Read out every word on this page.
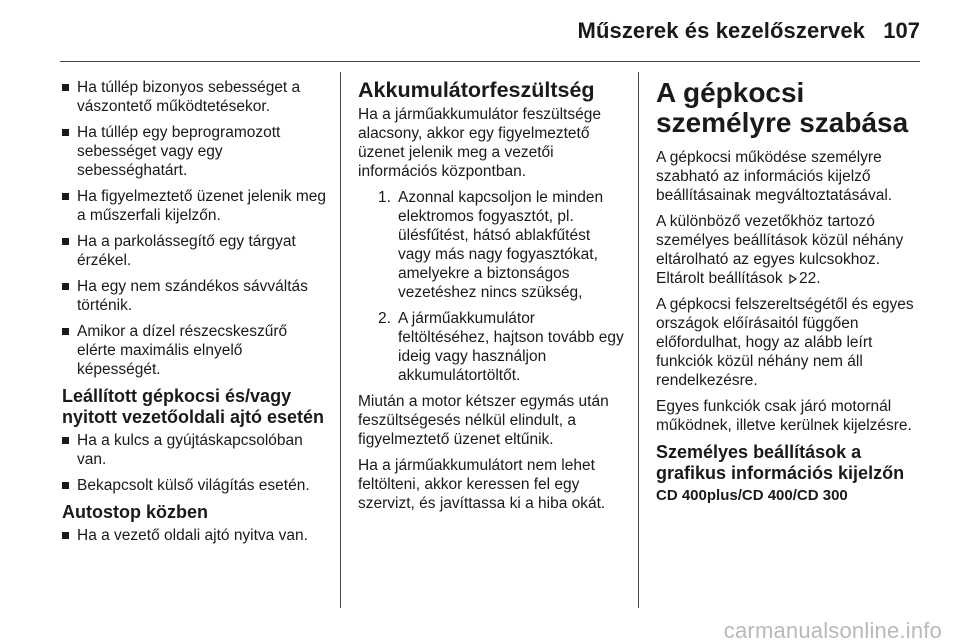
Műszerek és kezelőszervek 107
Ha túllép bizonyos sebességet a vászontető működtetésekor.
Ha túllép egy beprogramozott sebességet vagy egy sebességhatárt.
Ha figyelmeztető üzenet jelenik meg a műszerfali kijelzőn.
Ha a parkolássegítő egy tárgyat érzékel.
Ha egy nem szándékos sávváltás történik.
Amikor a dízel részecskeszűrő elérte maximális elnyelő képességét.
Leállított gépkocsi és/vagy nyitott vezetőoldali ajtó esetén
Ha a kulcs a gyújtáskapcsolóban van.
Bekapcsolt külső világítás esetén.
Autostop közben
Ha a vezető oldali ajtó nyitva van.
Akkumulátorfeszültség

Ha a járműakkumulátor feszültsége alacsony, akkor egy figyelmeztető üzenet jelenik meg a vezetői információs központban.

1. Azonnal kapcsoljon le minden elektromos fogyasztót, pl. ülésfűtést, hátsó ablakfűtést vagy más nagy fogyasztókat, amelyekre a biztonságos vezetéshez nincs szükség,
2. A járműakkumulátor feltöltéséhez, hajtson tovább egy ideig vagy használjon akkumulátortöltőt.

Miután a motor kétszer egymás után feszültségesés nélkül elindult, a figyelmeztető üzenet eltűnik.

Ha a járműakkumulátort nem lehet feltölteni, akkor keressen fel egy szervizt, és javíttassa ki a hiba okát.

A gépkocsi személyre szabása

A gépkocsi működése személyre szabható az információs kijelző beállításainak megváltoztatásával.

A különböző vezetőkhöz tartozó személyes beállítások közül néhány eltárolható az egyes kulcsokhoz. Eltárolt beállítások 22.

A gépkocsi felszereltségétől és egyes országok előírásaitól függően előfordulhat, hogy az alább leírt funkciók közül néhány nem áll rendelkezésre.

Egyes funkciók csak járó motornál működnek, illetve kerülnek kijelzésre.

Személyes beállítások a grafikus információs kijelzőn
CD 400plus/CD 400/CD 300
carmanualsonline.info
